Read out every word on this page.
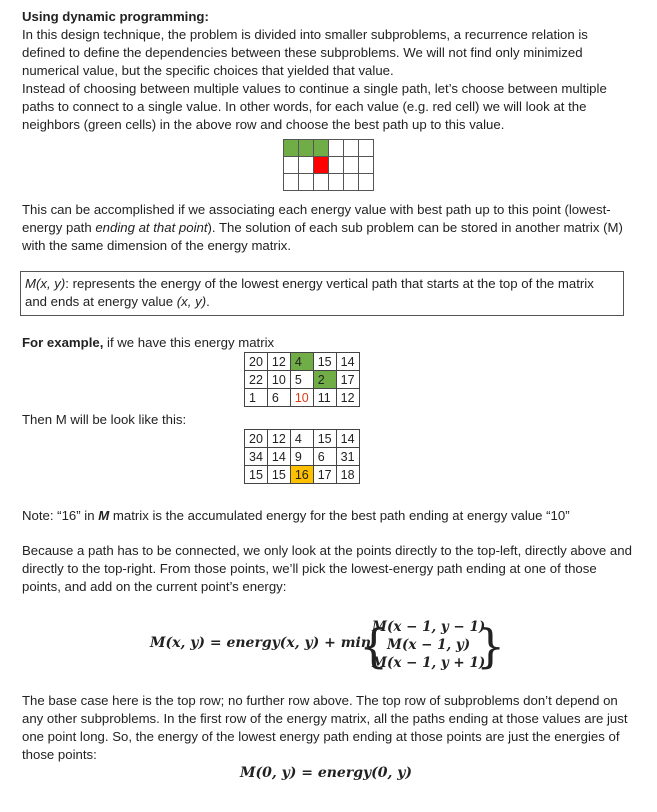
Using dynamic programming:

In this design technique, the problem is divided into smaller subproblems, a recurrence relation is defined to define the dependencies between these subproblems. We will not find only minimized numerical value, but the specific choices that yielded that value.
Instead of choosing between multiple values to continue a single path, let’s choose between multiple paths to connect to a single value. In other words, for each value (e.g. red cell) we will look at the neighbors (green cells) in the above row and choose the best path up to this value.

This can be accomplished if we associating each energy value with best path up to this point (lowest-energy path ending at that point). The solution of each sub problem can be stored in another matrix (M) with the same dimension of the energy matrix.

M(x, y): represents the energy of the lowest energy vertical path that starts at the top of the matrix and ends at energy value (x, y).

For example, if we have this energy matrix

20	12	4	15	14
22	10	5	2	17
1	6	10	11	12

Then M will be look like this:

20	12	4	15	14
34	14	9	6	31
15	15	16	17	18

Note: “16” in M matrix is the accumulated energy for the best path ending at energy value “10”

Because a path has to be connected, we only look at the points directly to the top-left, directly above and directly to the top-right. From those points, we’ll pick the lowest-energy path ending at one of those points, and add on the current point’s energy:

M(x, y) = energy(x, y) + min
{
M(x − 1, y − 1)
M(x − 1, y)
M(x − 1, y + 1)
}

The base case here is the top row; no further row above. The top row of subproblems don’t depend on any other subproblems. In the first row of the energy matrix, all the paths ending at those values are just one point long. So, the energy of the lowest energy path ending at those points are just the energies of those points:

M(0, y) = energy(0, y)
